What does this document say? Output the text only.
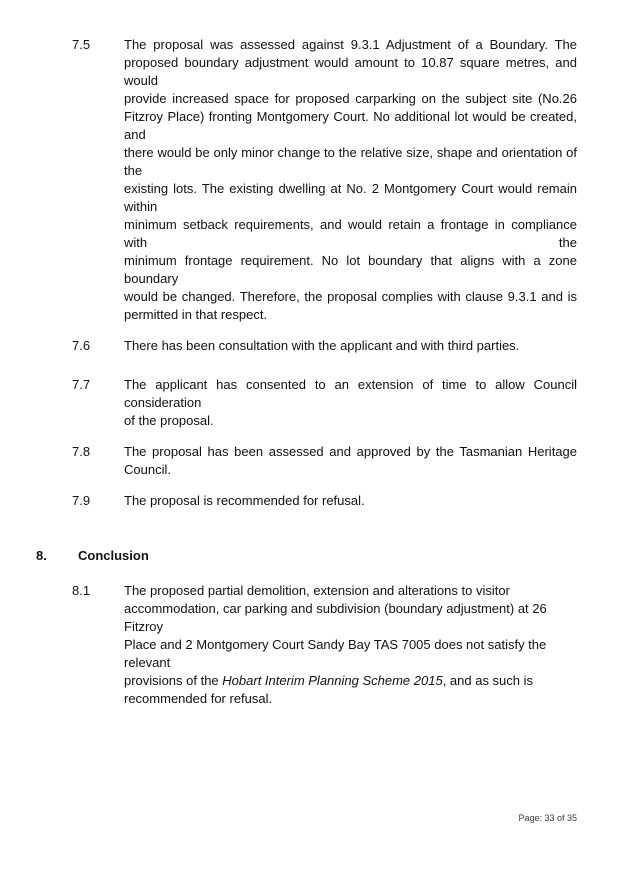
7.5	The proposal was assessed against 9.3.1 Adjustment of a Boundary. The
proposed boundary adjustment would amount to 10.87 square metres, and would
provide increased space for proposed carparking on the subject site (No.26
Fitzroy Place) fronting Montgomery Court. No additional lot would be created, and
there would be only minor change to the relative size, shape and orientation of the
existing lots. The existing dwelling at No. 2 Montgomery Court would remain within
minimum setback requirements, and would retain a frontage in compliance with the
minimum frontage requirement. No lot boundary that aligns with a zone boundary
would be changed. Therefore, the proposal complies with clause 9.3.1 and is
permitted in that respect.
7.6	There has been consultation with the applicant and with third parties.
7.7	The applicant has consented to an extension of time to allow Council consideration
of the proposal.
7.8	The proposal has been assessed and approved by the Tasmanian Heritage
Council.
7.9	The proposal is recommended for refusal.
8.	Conclusion
8.1	The proposed partial demolition, extension and alterations to visitor
accommodation, car parking and subdivision (boundary adjustment) at 26 Fitzroy
Place and 2 Montgomery Court Sandy Bay TAS 7005 does not satisfy the relevant
provisions of the Hobart Interim Planning Scheme 2015, and as such is
recommended for refusal.
Page: 33 of 35
